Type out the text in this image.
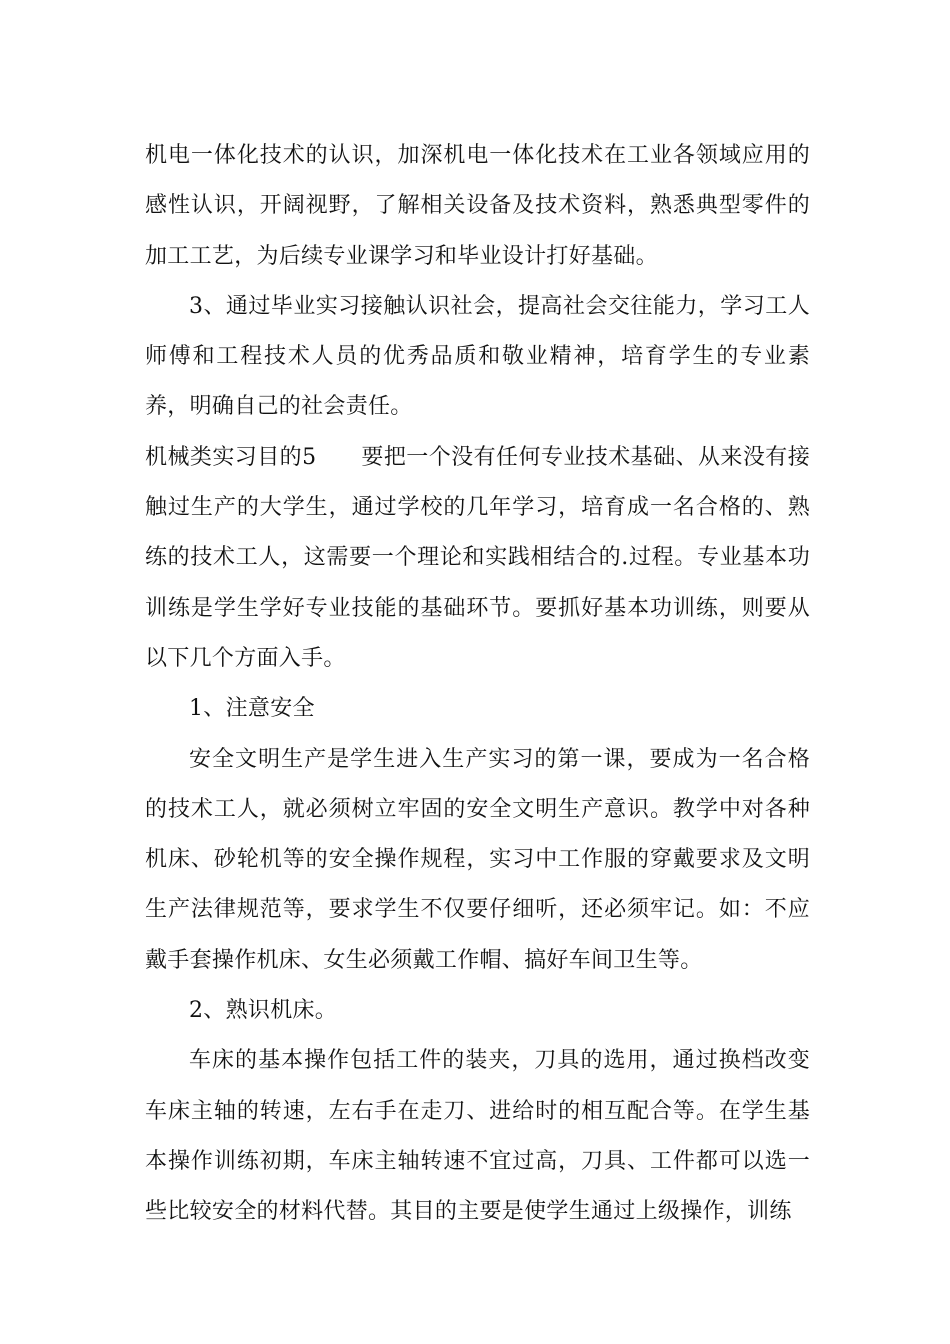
机电一体化技术的认识，加深机电一体化技术在工业各领域应用的感性认识，开阔视野，了解相关设备及技术资料，熟悉典型零件的加工工艺，为后续专业课学习和毕业设计打好基础。

3、通过毕业实习接触认识社会，提高社会交往能力，学习工人师傅和工程技术人员的优秀品质和敬业精神，培育学生的专业素养，明确自己的社会责任。

机械类实习目的5　　要把一个没有任何专业技术基础、从来没有接触过生产的大学生，通过学校的几年学习，培育成一名合格的、熟练的技术工人，这需要一个理论和实践相结合的.过程。专业基本功训练是学生学好专业技能的基础环节。要抓好基本功训练，则要从以下几个方面入手。

1、注意安全

安全文明生产是学生进入生产实习的第一课，要成为一名合格的技术工人，就必须树立牢固的安全文明生产意识。教学中对各种机床、砂轮机等的安全操作规程，实习中工作服的穿戴要求及文明生产法律规范等，要求学生不仅要仔细听，还必须牢记。如：不应戴手套操作机床、女生必须戴工作帽、搞好车间卫生等。

2、熟识机床。

车床的基本操作包括工件的装夹，刀具的选用，通过换档改变车床主轴的转速，左右手在走刀、进给时的相互配合等。在学生基本操作训练初期，车床主轴转速不宜过高，刀具、工件都可以选一些比较安全的材料代替。其目的主要是使学生通过上级操作，训练
